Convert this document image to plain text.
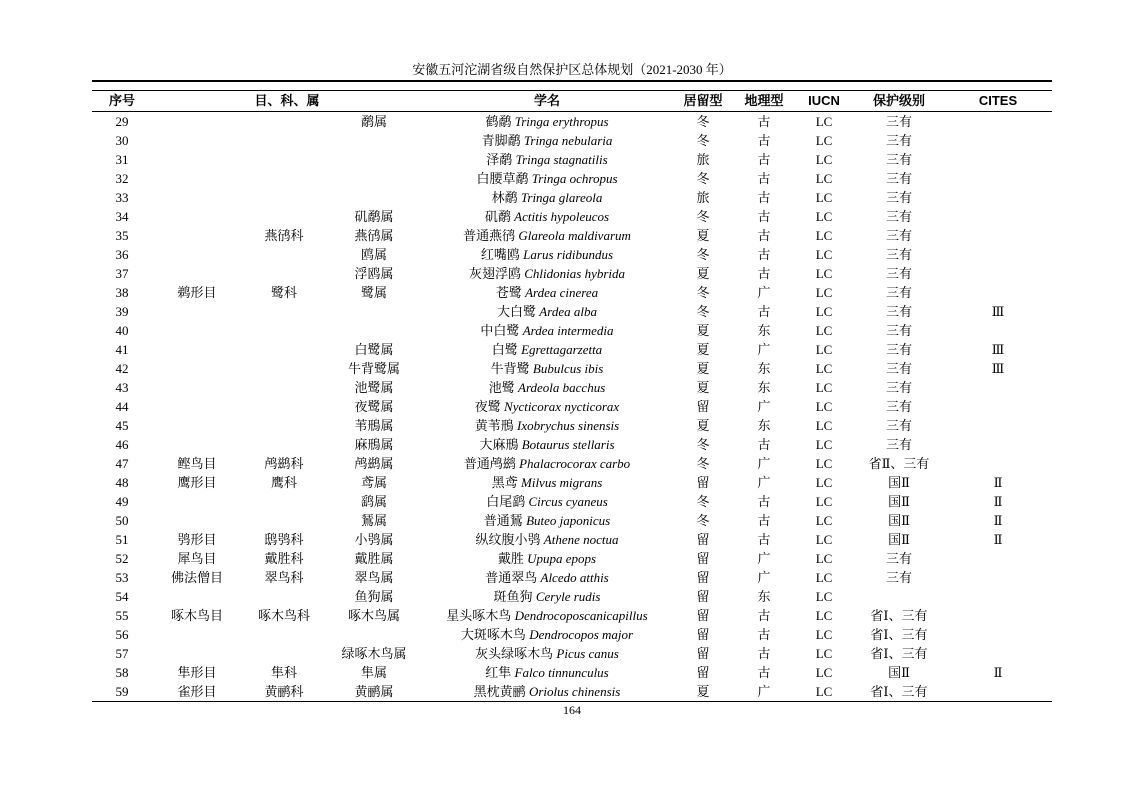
安徽五河沱湖省级自然保护区总体规划（2021-2030 年）
序号	目、科、属			学名	居留型	地理型	IUCN	保护级别	CITES
29			鹬属	鹤鹬 Tringa erythropus	冬	古	LC	三有	
30				青脚鹬 Tringa nebularia	冬	古	LC	三有	
31				泽鹬 Tringa stagnatilis	旅	古	LC	三有	
32				白腰草鹬 Tringa ochropus	冬	古	LC	三有	
33				林鹬 Tringa glareola	旅	古	LC	三有	
34			矶鹬属	矶鹬 Actitis hypoleucos	冬	古	LC	三有	
35		燕鸻科	燕鸻属	普通燕鸻 Glareola maldivarum	夏	古	LC	三有	
36			鸥属	红嘴鸥 Larus ridibundus	冬	古	LC	三有	
37			浮鸥属	灰翅浮鸥 Chlidonias hybrida	夏	古	LC	三有	
38	鹈形目	鹭科	鹭属	苍鹭 Ardea cinerea	冬	广	LC	三有	
39				大白鹭 Ardea alba	冬	古	LC	三有	Ⅲ
40				中白鹭 Ardea intermedia	夏	东	LC	三有	
41			白鹭属	白鹭 Egrettagarzetta	夏	广	LC	三有	Ⅲ
42			牛背鹭属	牛背鹭 Bubulcus ibis	夏	东	LC	三有	Ⅲ
43			池鹭属	池鹭 Ardeola bacchus	夏	东	LC	三有	
44			夜鹭属	夜鹭 Nycticorax nycticorax	留	广	LC	三有	
45			苇鳽属	黄苇鳽 Ixobrychus sinensis	夏	东	LC	三有	
46			麻鳽属	大麻鳽 Botaurus stellaris	冬	古	LC	三有	
47	鲣鸟目	鸬鹚科	鸬鹚属	普通鸬鹚 Phalacrocorax carbo	冬	广	LC	省Ⅱ、三有	
48	鹰形目	鹰科	鸢属	黑鸢 Milvus migrans	留	广	LC	国Ⅱ	Ⅱ
49			鹞属	白尾鹞 Circus cyaneus	冬	古	LC	国Ⅱ	Ⅱ
50			鵟属	普通鵟 Buteo japonicus	冬	古	LC	国Ⅱ	Ⅱ
51	鸮形目	鸱鸮科	小鸮属	纵纹腹小鸮 Athene noctua	留	古	LC	国Ⅱ	Ⅱ
52	犀鸟目	戴胜科	戴胜属	戴胜 Upupa epops	留	广	LC	三有	
53	佛法僧目	翠鸟科	翠鸟属	普通翠鸟 Alcedo atthis	留	广	LC	三有	
54			鱼狗属	斑鱼狗 Ceryle rudis	留	东	LC		
55	啄木鸟目	啄木鸟科	啄木鸟属	星头啄木鸟 Dendrocoposcanicapillus	留	古	LC	省Ⅰ、三有	
56				大斑啄木鸟 Dendrocopos major	留	古	LC	省Ⅰ、三有	
57			绿啄木鸟属	灰头绿啄木鸟 Picus canus	留	古	LC	省Ⅰ、三有	
58	隼形目	隼科	隼属	红隼 Falco tinnunculus	留	古	LC	国Ⅱ	Ⅱ
59	雀形目	黄鹂科	黄鹂属	黑枕黄鹂 Oriolus chinensis	夏	广	LC	省Ⅰ、三有	
164
